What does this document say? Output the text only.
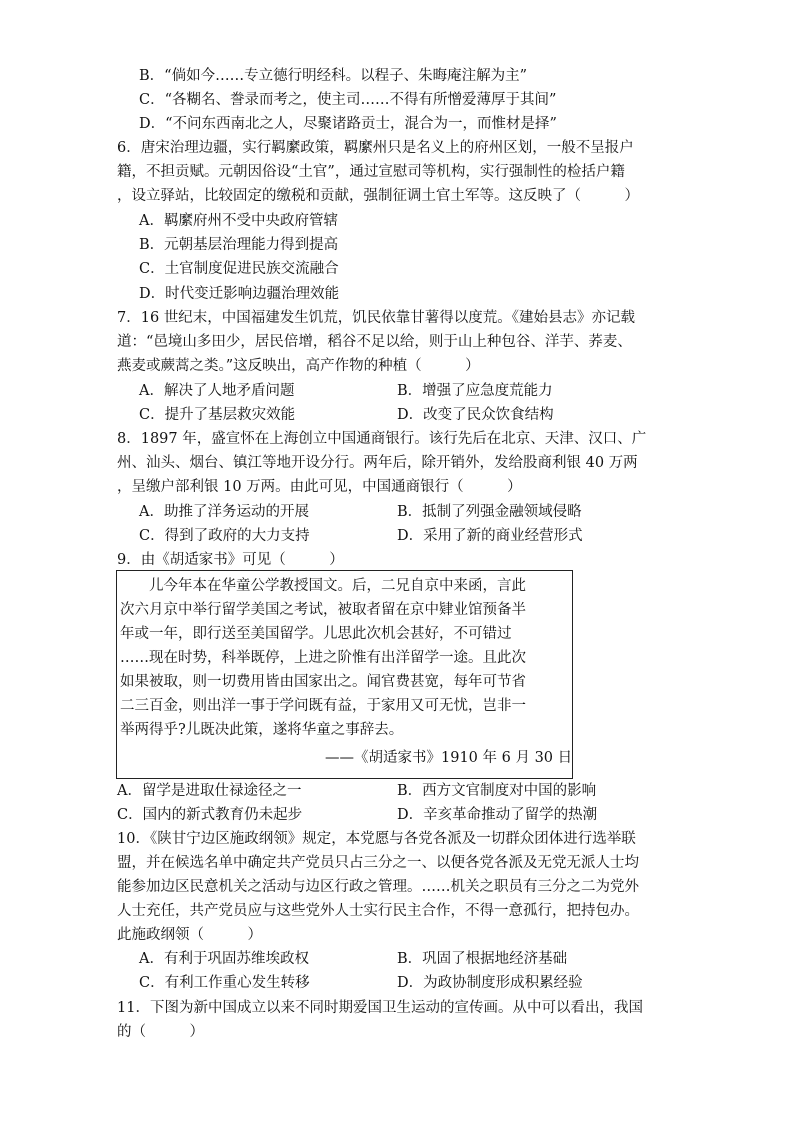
B．“倘如今……专立德行明经科。以程子、朱晦庵注解为主”
C．“各糊名、誊录而考之，使主司……不得有所憎爱薄厚于其间”
D．“不问东西南北之人，尽聚诸路贡士，混合为一，而惟材是择”
6．唐宋治理边疆，实行羁縻政策，羁縻州只是名义上的府州区划，一般不呈报户
籍，不担贡赋。元朝因俗设“土官”，通过宣慰司等机构，实行强制性的检括户籍
，设立驿站，比较固定的缴税和贡献，强制征调土官土军等。这反映了（　　　）
A．羁縻府州不受中央政府管辖
B．元朝基层治理能力得到提高
C．土官制度促进民族交流融合
D．时代变迁影响边疆治理效能
7．16 世纪末，中国福建发生饥荒，饥民依靠甘薯得以度荒。《建始县志》亦记载
道：“邑境山多田少，居民倍增，稻谷不足以给，则于山上种包谷、洋芋、荞麦、
燕麦或蕨蒿之类。”这反映出，高产作物的种植（　　　）
A．解决了人地矛盾问题	B．增强了应急度荒能力
C．提升了基层救灾效能	D．改变了民众饮食结构
8．1897 年，盛宣怀在上海创立中国通商银行。该行先后在北京、天津、汉口、广
州、汕头、烟台、镇江等地开设分行。两年后，除开销外，发给股商利银 40 万两
，呈缴户部利银 10 万两。由此可见，中国通商银行（　　　）
A．助推了洋务运动的开展	B．抵制了列强金融领域侵略
C．得到了政府的大力支持	D．采用了新的商业经营形式
9．由《胡适家书》可见（　　　）
　　儿今年本在华童公学教授国文。后，二兄自京中来函，言此
次六月京中举行留学美国之考试，被取者留在京中肄业馆预备半
年或一年，即行送至美国留学。儿思此次机会甚好，不可错过
……现在时势，科举既停，上进之阶惟有出洋留学一途。且此次
如果被取，则一切费用皆由国家出之。闻官费甚宽，每年可节省
二三百金，则出洋一事于学问既有益，于家用又可无忧，岂非一
举两得乎?儿既决此策，遂将华童之事辞去。
——《胡适家书》1910 年 6 月 30 日
A．留学是进取仕禄途径之一	B．西方文官制度对中国的影响
C．国内的新式教育仍未起步	D．辛亥革命推动了留学的热潮
10．《陕甘宁边区施政纲领》规定，本党愿与各党各派及一切群众团体进行选举联
盟，并在候选名单中确定共产党员只占三分之一、以便各党各派及无党无派人士均
能参加边区民意机关之活动与边区行政之管理。……机关之职员有三分之二为党外
人士充任，共产党员应与这些党外人士实行民主合作，不得一意孤行，把持包办。
此施政纲领（　　　）
A．有利于巩固苏维埃政权	B．巩固了根据地经济基础
C．有利工作重心发生转移	D．为政协制度形成积累经验
11．下图为新中国成立以来不同时期爱国卫生运动的宣传画。从中可以看出，我国
的（　　　）
